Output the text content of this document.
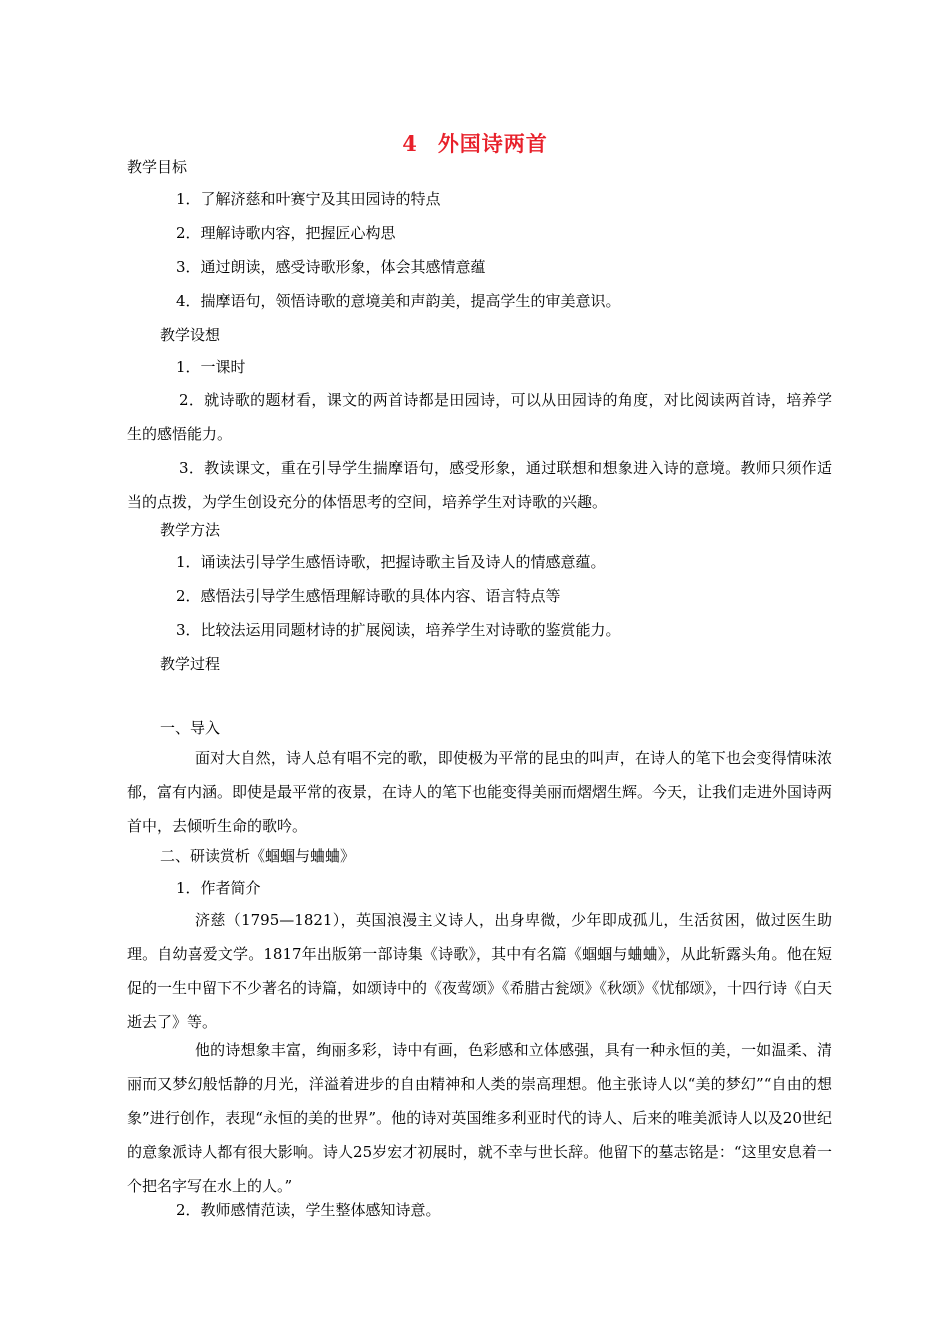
4 外国诗两首
教学目标
1．了解济慈和叶赛宁及其田园诗的特点
2．理解诗歌内容，把握匠心构思
3．通过朗读，感受诗歌形象，体会其感情意蕴
4．揣摩语句，领悟诗歌的意境美和声韵美，提高学生的审美意识。
教学设想
1．一课时
2．就诗歌的题材看，课文的两首诗都是田园诗，可以从田园诗的角度，对比阅读两首诗，培养学生的感悟能力。
3．教读课文，重在引导学生揣摩语句，感受形象，通过联想和想象进入诗的意境。教师只须作适当的点拨，为学生创设充分的体悟思考的空间，培养学生对诗歌的兴趣。
教学方法
1．诵读法引导学生感悟诗歌，把握诗歌主旨及诗人的情感意蕴。
2．感悟法引导学生感悟理解诗歌的具体内容、语言特点等
3．比较法运用同题材诗的扩展阅读，培养学生对诗歌的鉴赏能力。
教学过程
一、导入
面对大自然，诗人总有唱不完的歌，即使极为平常的昆虫的叫声，在诗人的笔下也会变得情味浓郁，富有内涵。即使是最平常的夜景，在诗人的笔下也能变得美丽而熠熠生辉。今天，让我们走进外国诗两首中，去倾听生命的歌吟。
二、研读赏析《蝈蝈与蛐蛐》
1．作者简介
济慈（1795—1821），英国浪漫主义诗人，出身卑微，少年即成孤儿，生活贫困，做过医生助理。自幼喜爱文学。1817年出版第一部诗集《诗歌》，其中有名篇《蝈蝈与蛐蛐》，从此斩露头角。他在短促的一生中留下不少著名的诗篇，如颂诗中的《夜莺颂》《希腊古瓮颂》《秋颂》《忧郁颂》，十四行诗《白天逝去了》等。
他的诗想象丰富，绚丽多彩，诗中有画，色彩感和立体感强，具有一种永恒的美，一如温柔、清丽而又梦幻般恬静的月光，洋溢着进步的自由精神和人类的崇高理想。他主张诗人以“美的梦幻”“自由的想象”进行创作，表现“永恒的美的世界”。他的诗对英国维多利亚时代的诗人、后来的唯美派诗人以及20世纪的意象派诗人都有很大影响。诗人25岁宏才初展时，就不幸与世长辞。他留下的墓志铭是：“这里安息着一个把名字写在水上的人。”
2．教师感情范读，学生整体感知诗意。
